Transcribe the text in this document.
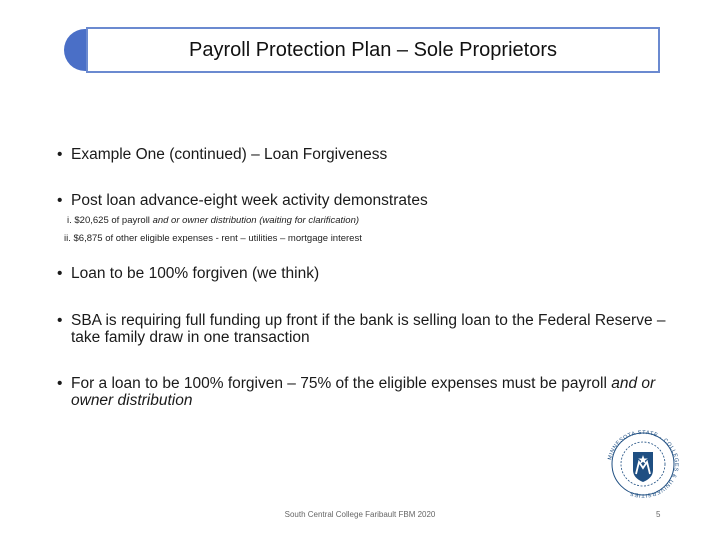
Payroll Protection Plan – Sole Proprietors
• Example One (continued) – Loan Forgiveness
• Post loan advance-eight week activity demonstrates
i. $20,625 of payroll and or owner distribution (waiting for clarification)
ii. $6,875 of other eligible expenses - rent – utilities – mortgage interest
• Loan to be 100% forgiven (we think)
• SBA is requiring full funding up front if the bank is selling loan to the Federal Reserve – take family draw in one transaction
• For a loan to be 100% forgiven – 75% of the eligible expenses must be payroll and or owner distribution
MINNESOTA STATE · COLLEGES & UNIVERSITIES
South Central College Faribault FBM 2020	5
